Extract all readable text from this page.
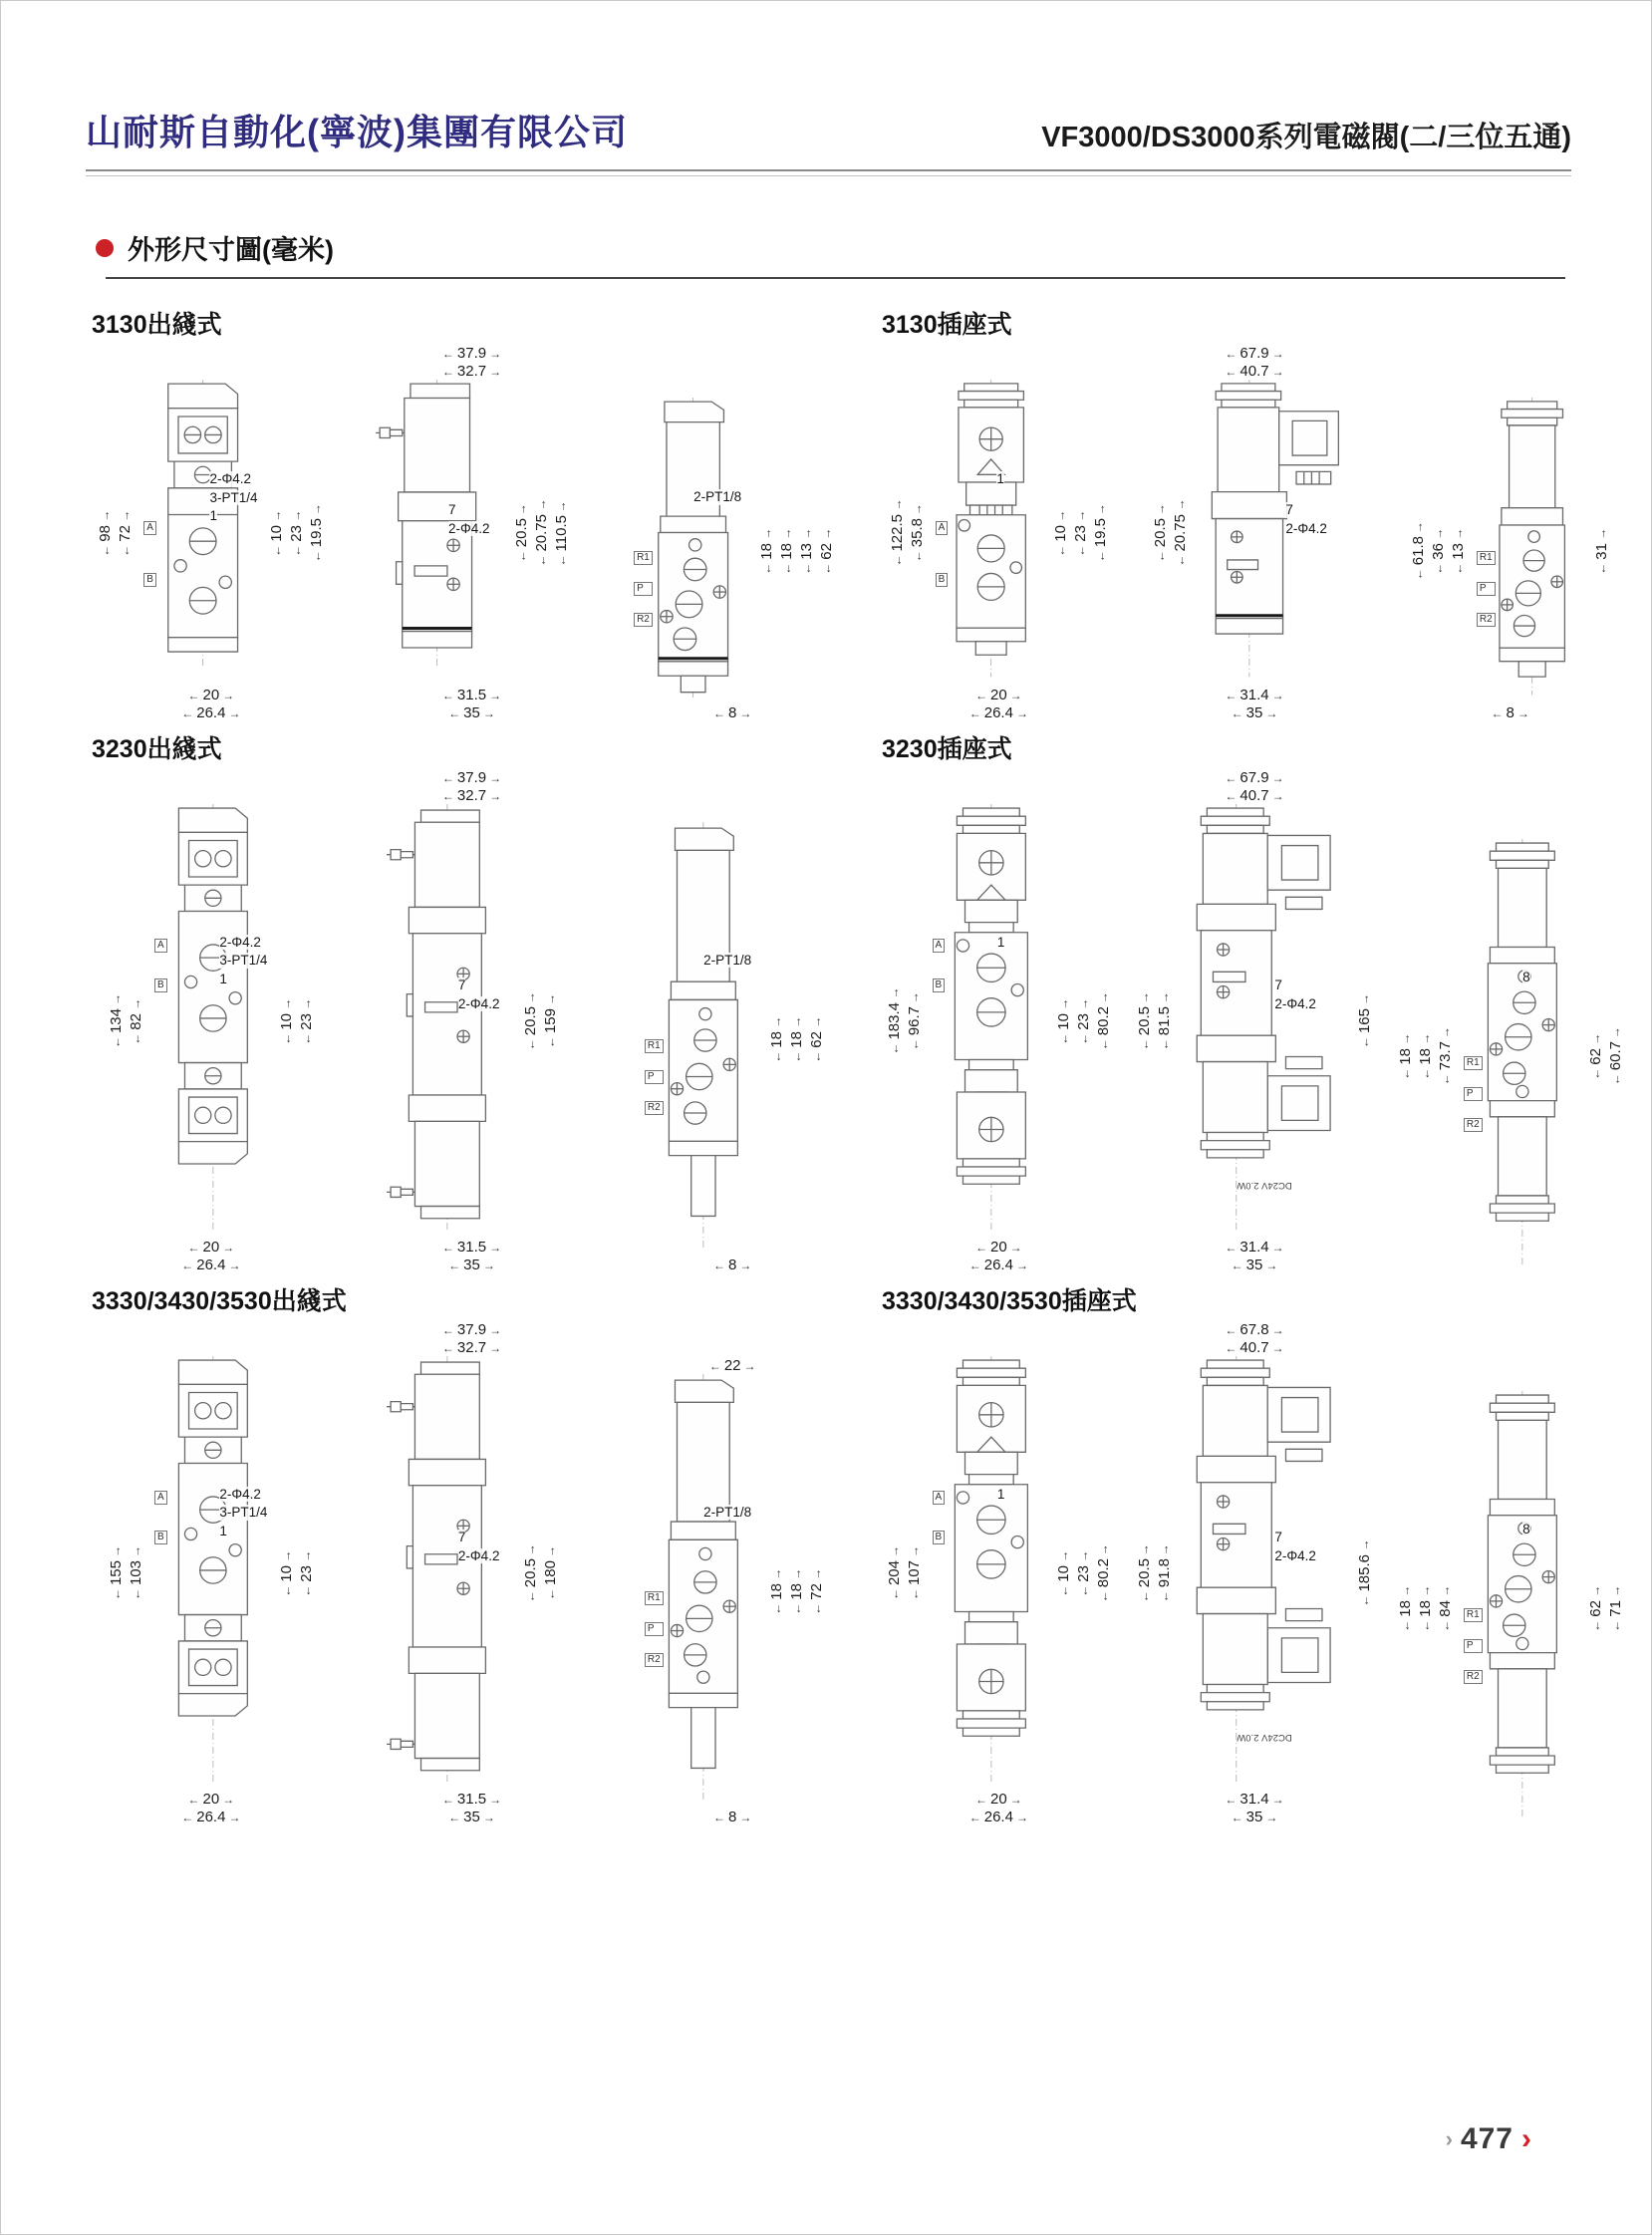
山耐斯自動化(寧波)集團有限公司	VF3000/DS3000系列電磁閥(二/三位五通)
外形尺寸圖(毫米)
3130出綫式
← 98 → ← 72 →
2-Φ4.2
3-PT1/4
1
A
B
← 10 → ← 23 → ← 19.5 →
← 20 →
← 26.4 →
← 37.9 →
← 32.7 →
7
2-Φ4.2 ← 20.5 → ← 20.75 → ← 110.5 →
← 31.5 →
← 35 →
2-PT1/8
R1
P
R2
← 18 → ← 18 → ← 13 → ← 62 →
← 8 →
3130插座式
← 122.5 → ← 35.8 →
1
A
B
← 10 → ← 23 → ← 19.5 →
← 20 →
← 26.4 →
← 67.9 →
← 40.7 →
← 20.5 → ← 20.75 →
7
2-Φ4.2
← 31.4 →
← 35 →
← 61.8 → ← 36 → ← 13 →	R1
P
R2
← 31 →
← 8 →
3230出綫式
← 134 → ← 82 →
2-Φ4.2
3-PT1/4
1
A
B
← 10 → ← 23 →
← 20 →
← 26.4 →
← 37.9 →
← 32.7 →
7
2-Φ4.2
← 20.5 → ← 159 →
← 31.5 →
← 35 →
2-PT1/8
R1
P
R2
← 18 → ← 18 → ← 62 →
← 8 →
3230插座式
← 183.4 → ← 96.7 →
1
A
B
← 10 → ← 23 → ← 80.2 →
← 20 →
← 26.4 →
← 67.9 →
← 40.7 →
← 20.5 → ← 81.5 →
7
2-Φ4.2
DC24V 2.0W
← 165 →
← 31.4 →
← 35 →
← 18 → ← 18 → ← 73.7 →
8
R1
P
R2
← 62 → ← 60.7 →
3330/3430/3530出綫式
← 155 → ← 103 →
2-Φ4.2
3-PT1/4
1
A
B
← 10 → ← 23 →
← 20 →
← 26.4 →
← 37.9 →
← 32.7 →
7
2-Φ4.2
← 20.5 → ← 180 →
← 31.5 →
← 35 →
← 22 →
2-PT1/8
R1
P
R2
← 18 → ← 18 → ← 72 →
← 8 →
3330/3430/3530插座式
← 204 → ← 107 →
1
A
B
← 10 → ← 23 → ← 80.2 →
← 20 →
← 26.4 →
← 67.8 →
← 40.7 →
← 20.5 → ← 91.8 →
7
2-Φ4.2
DC24V 2.0W
← 185.6 →
← 31.4 →
← 35 →
← 18 → ← 18 → ← 84 →
8
R1
P
R2
← 62 → ← 71 →
› 477 ›
